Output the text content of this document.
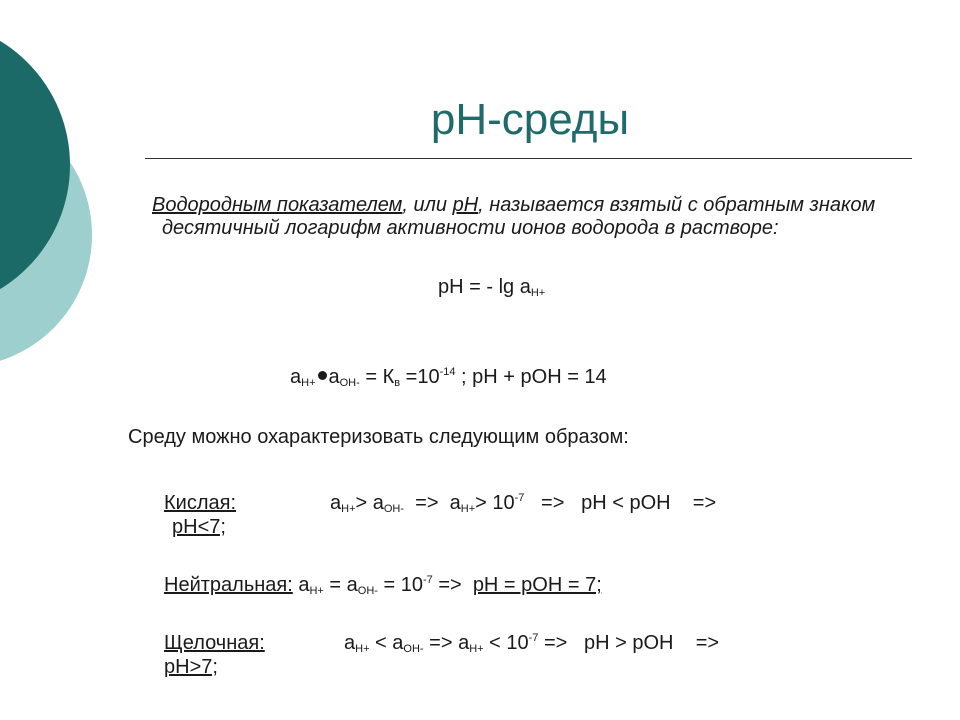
pH-среды
Водородным показателем, или рН, называется взятый с обратным знаком десятичный логарифм активности ионов водорода в растворе:
рН = - $\lg a_{Н+}$
$a_{Н+}$ $a_{ОН-} = К_в =10^{-14}$ ; рН + рОН = 14
Среду можно охарактеризовать следующим образом:
Кислая:	$a_{Н+}> a_{ОН-} => a_{Н+}> 10^{-7}$   =>   рН < рОН    =>
рН<7;
Нейтральная: $a_{Н+} = a_{ОН-} = 10^{-7}$ =>  рН = рОН = 7;
Щелочная:	$a_{Н+} < a_{ОН-} => a_{Н+} < 10^{-7}$ =>   рН > рОН    =>
рН>7;
